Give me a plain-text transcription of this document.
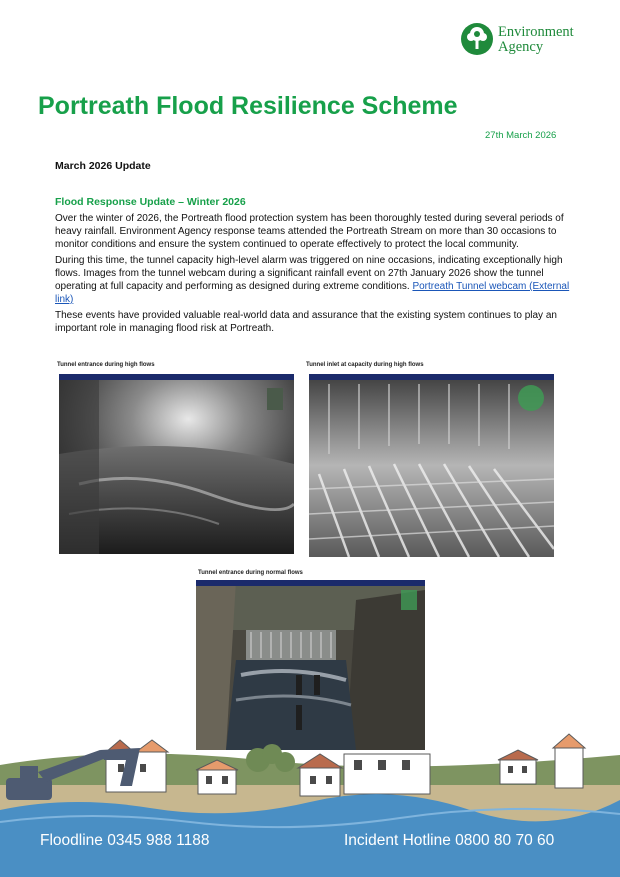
Environment
Agency
Portreath Flood Resilience Scheme
27th March 2026
March 2026 Update
Flood Response Update – Winter 2026

Over the winter of 2026, the Portreath flood protection system has been thoroughly tested during several periods of heavy rainfall. Environment Agency response teams attended the Portreath Stream on more than 30 occasions to monitor conditions and ensure the system continued to operate effectively to protect the local community.

During this time, the tunnel capacity high-level alarm was triggered on nine occasions, indicating exceptionally high flows. Images from the tunnel webcam during a significant rainfall event on 27th January 2026 show the tunnel operating at full capacity and performing as designed during extreme conditions. Portreath Tunnel webcam (External link)

These events have provided valuable real-world data and assurance that the existing system continues to play an important role in managing flood risk at Portreath.

Tunnel entrance during high flows	Tunnel inlet at capacity during high flows
Tunnel entrance during normal flows
Floodline 0345 988 1188	Incident Hotline 0800 80 70 60
